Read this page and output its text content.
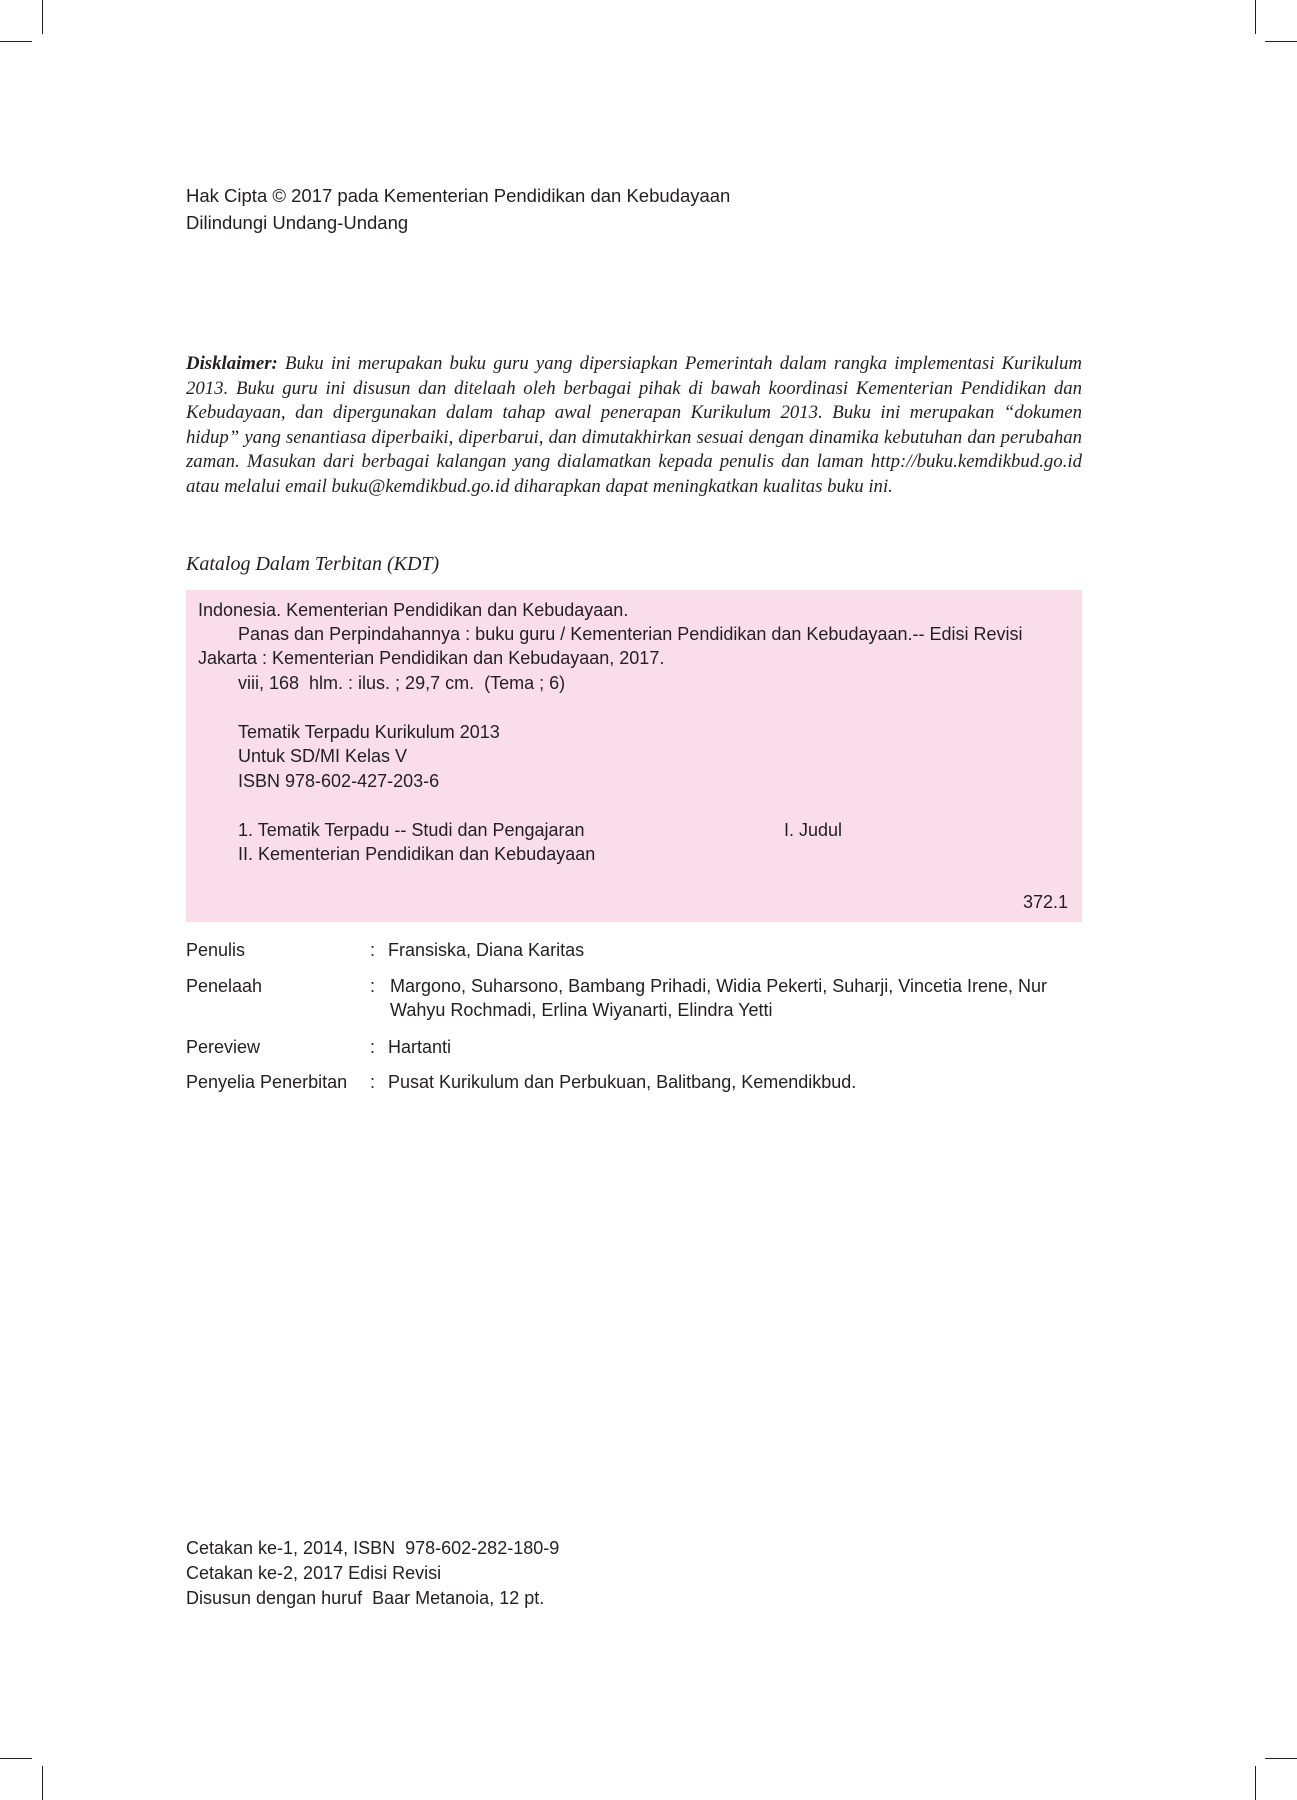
Hak Cipta © 2017 pada Kementerian Pendidikan dan Kebudayaan
Dilindungi Undang-Undang
Disklaimer: Buku ini merupakan buku guru yang dipersiapkan Pemerintah dalam rangka implementasi Kurikulum 2013. Buku guru ini disusun dan ditelaah oleh berbagai pihak di bawah koordinasi Kementerian Pendidikan dan Kebudayaan, dan dipergunakan dalam tahap awal penerapan Kurikulum 2013. Buku ini merupakan “dokumen hidup” yang senantiasa diperbaiki, diperbarui, dan dimutakhirkan sesuai dengan dinamika kebutuhan dan perubahan zaman. Masukan dari berbagai kalangan yang dialamatkan kepada penulis dan laman http://buku.kemdikbud.go.id atau melalui email buku@kemdikbud.go.id diharapkan dapat meningkatkan kualitas buku ini.
Katalog Dalam Terbitan (KDT)
Indonesia. Kementerian Pendidikan dan Kebudayaan.
Panas dan Perpindahannya : buku guru / Kementerian Pendidikan dan Kebudayaan.-- Edisi Revisi
Jakarta : Kementerian Pendidikan dan Kebudayaan, 2017.
viii, 168  hlm. : ilus. ; 29,7 cm.  (Tema ; 6)
Tematik Terpadu Kurikulum 2013
Untuk SD/MI Kelas V
ISBN 978-602-427-203-6
1. Tematik Terpadu -- Studi dan Pengajaran	I. Judul
II. Kementerian Pendidikan dan Kebudayaan
372.1
Penulis	: Fransiska, Diana Karitas
Penelaah	: Margono, Suharsono, Bambang Prihadi, Widia Pekerti, Suharji, Vincetia Irene, Nur Wahyu Rochmadi, Erlina Wiyanarti, Elindra Yetti
Pereview	: Hartanti
Penyelia Penerbitan : Pusat Kurikulum dan Perbukuan, Balitbang, Kemendikbud.
Cetakan ke-1, 2014, ISBN  978-602-282-180-9
Cetakan ke-2, 2017 Edisi Revisi
Disusun dengan huruf  Baar Metanoia, 12 pt.
